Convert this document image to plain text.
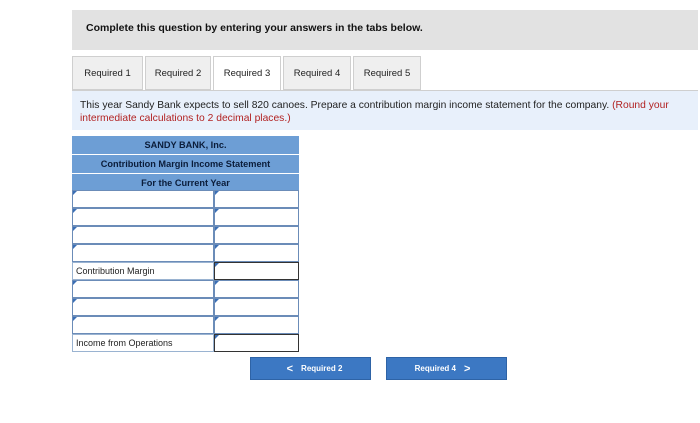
Complete this question by entering your answers in the tabs below.
Required 1	Required 2	Required 3	Required 4	Required 5
This year Sandy Bank expects to sell 820 canoes. Prepare a contribution margin income statement for the company. (Round your intermediate calculations to 2 decimal places.)
SANDY BANK, Inc.
Contribution Margin Income Statement
For the Current Year
Contribution Margin
Income from Operations
< Required 2	Required 4 >
